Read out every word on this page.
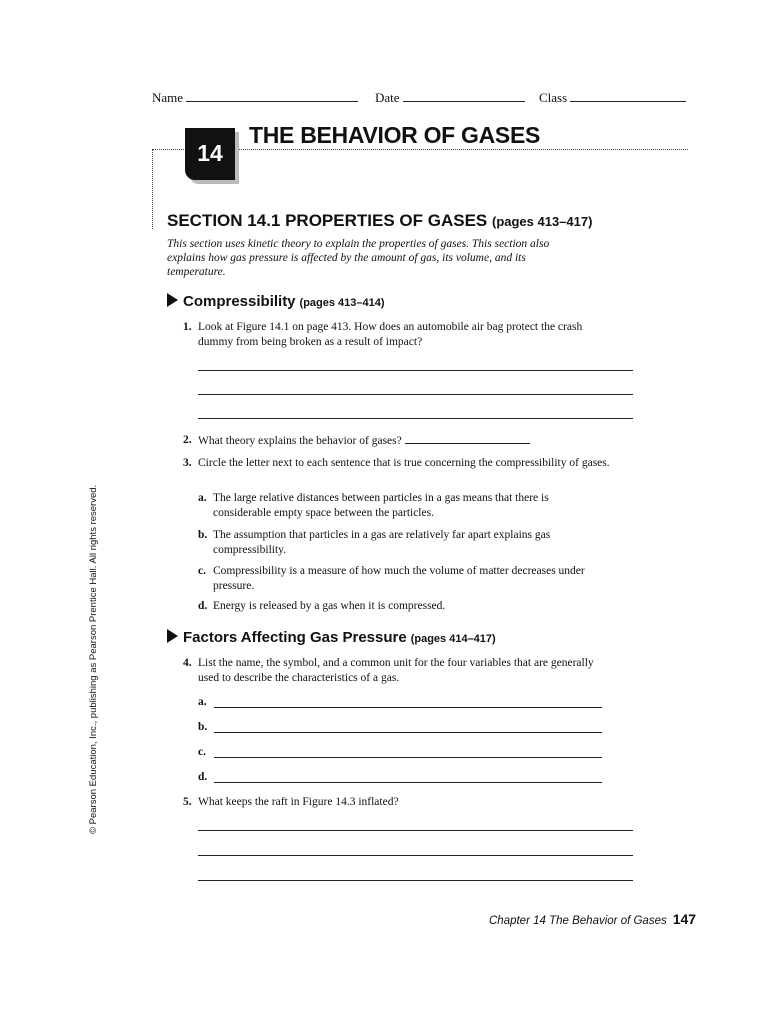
Name	Date	Class
14
THE BEHAVIOR OF GASES
SECTION 14.1 PROPERTIES OF GASES (pages 413–417)
This section uses kinetic theory to explain the properties of gases. This section also explains how gas pressure is affected by the amount of gas, its volume, and its temperature.
Compressibility (pages 413–414)
1. Look at Figure 14.1 on page 413. How does an automobile air bag protect the crash dummy from being broken as a result of impact?
2. What theory explains the behavior of gases?
3. Circle the letter next to each sentence that is true concerning the compressibility of gases.
a. The large relative distances between particles in a gas means that there is considerable empty space between the particles.
b. The assumption that particles in a gas are relatively far apart explains gas compressibility.
c. Compressibility is a measure of how much the volume of matter decreases under pressure.
d. Energy is released by a gas when it is compressed.
Factors Affecting Gas Pressure (pages 414–417)
4. List the name, the symbol, and a common unit for the four variables that are generally used to describe the characteristics of a gas.
a.
b.
c.
d.
5. What keeps the raft in Figure 14.3 inflated?
Chapter 14 The Behavior of Gases 147
© Pearson Education, Inc., publishing as Pearson Prentice Hall. All rights reserved.
